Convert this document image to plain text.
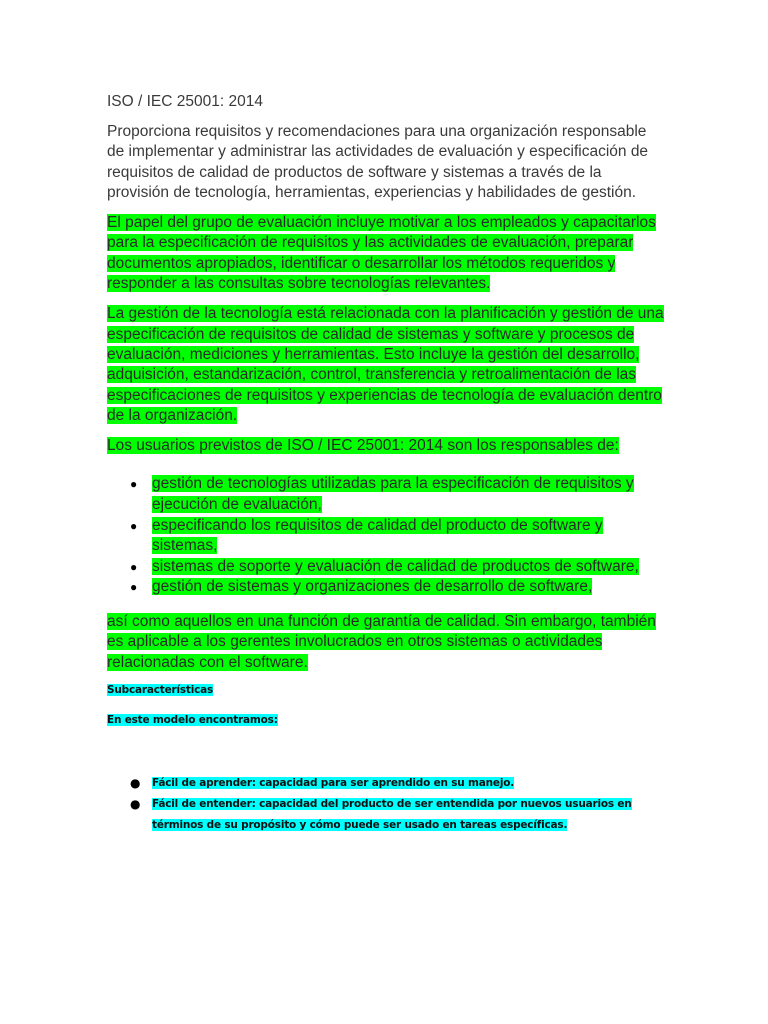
ISO / IEC 25001: 2014

Proporciona requisitos y recomendaciones para una organización responsable de implementar y administrar las actividades de evaluación y especificación de requisitos de calidad de productos de software y sistemas a través de la provisión de tecnología, herramientas, experiencias y habilidades de gestión.

El papel del grupo de evaluación incluye motivar a los empleados y capacitarlos para la especificación de requisitos y las actividades de evaluación, preparar documentos apropiados, identificar o desarrollar los métodos requeridos y responder a las consultas sobre tecnologías relevantes.

La gestión de la tecnología está relacionada con la planificación y gestión de una especificación de requisitos de calidad de sistemas y software y procesos de evaluación, mediciones y herramientas. Esto incluye la gestión del desarrollo, adquisición, estandarización, control, transferencia y retroalimentación de las especificaciones de requisitos y experiencias de tecnología de evaluación dentro de la organización.

Los usuarios previstos de ISO / IEC 25001: 2014 son los responsables de:

● gestión de tecnologías utilizadas para la especificación de requisitos y ejecución de evaluación,
● especificando los requisitos de calidad del producto de software y sistemas,
● sistemas de soporte y evaluación de calidad de productos de software,
● gestión de sistemas y organizaciones de desarrollo de software,

así como aquellos en una función de garantía de calidad. Sin embargo, también es aplicable a los gerentes involucrados en otros sistemas o actividades relacionadas con el software.

Subcaracterísticas

En este modelo encontramos:

● Fácil de aprender: capacidad para ser aprendido en su manejo.
● Fácil de entender: capacidad del producto de ser entendida por nuevos usuarios en términos de su propósito y cómo puede ser usado en tareas específicas.
